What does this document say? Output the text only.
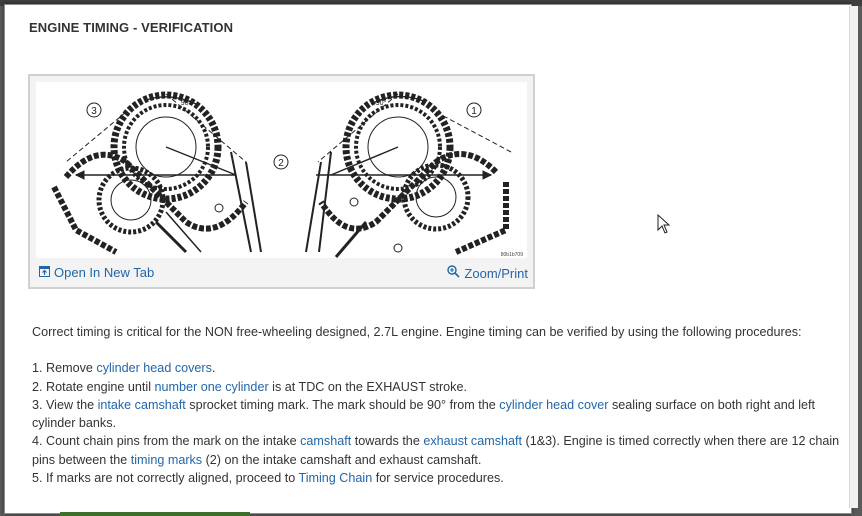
ENGINE TIMING - VERIFICATION
3
90°
2
1
90°
80b1b709
Open In New Tab	Zoom/Print

Correct timing is critical for the NON free-wheeling designed, 2.7L engine. Engine timing can be verified by using the following procedures:

1. Remove cylinder head covers.
2. Rotate engine until number one cylinder is at TDC on the EXHAUST stroke.
3. View the intake camshaft sprocket timing mark. The mark should be 90° from the cylinder head cover sealing surface on both right and left cylinder banks.
4. Count chain pins from the mark on the intake camshaft towards the exhaust camshaft (1&3). Engine is timed correctly when there are 12 chain pins between the timing marks (2) on the intake camshaft and exhaust camshaft.
5. If marks are not correctly aligned, proceed to Timing Chain for service procedures.
